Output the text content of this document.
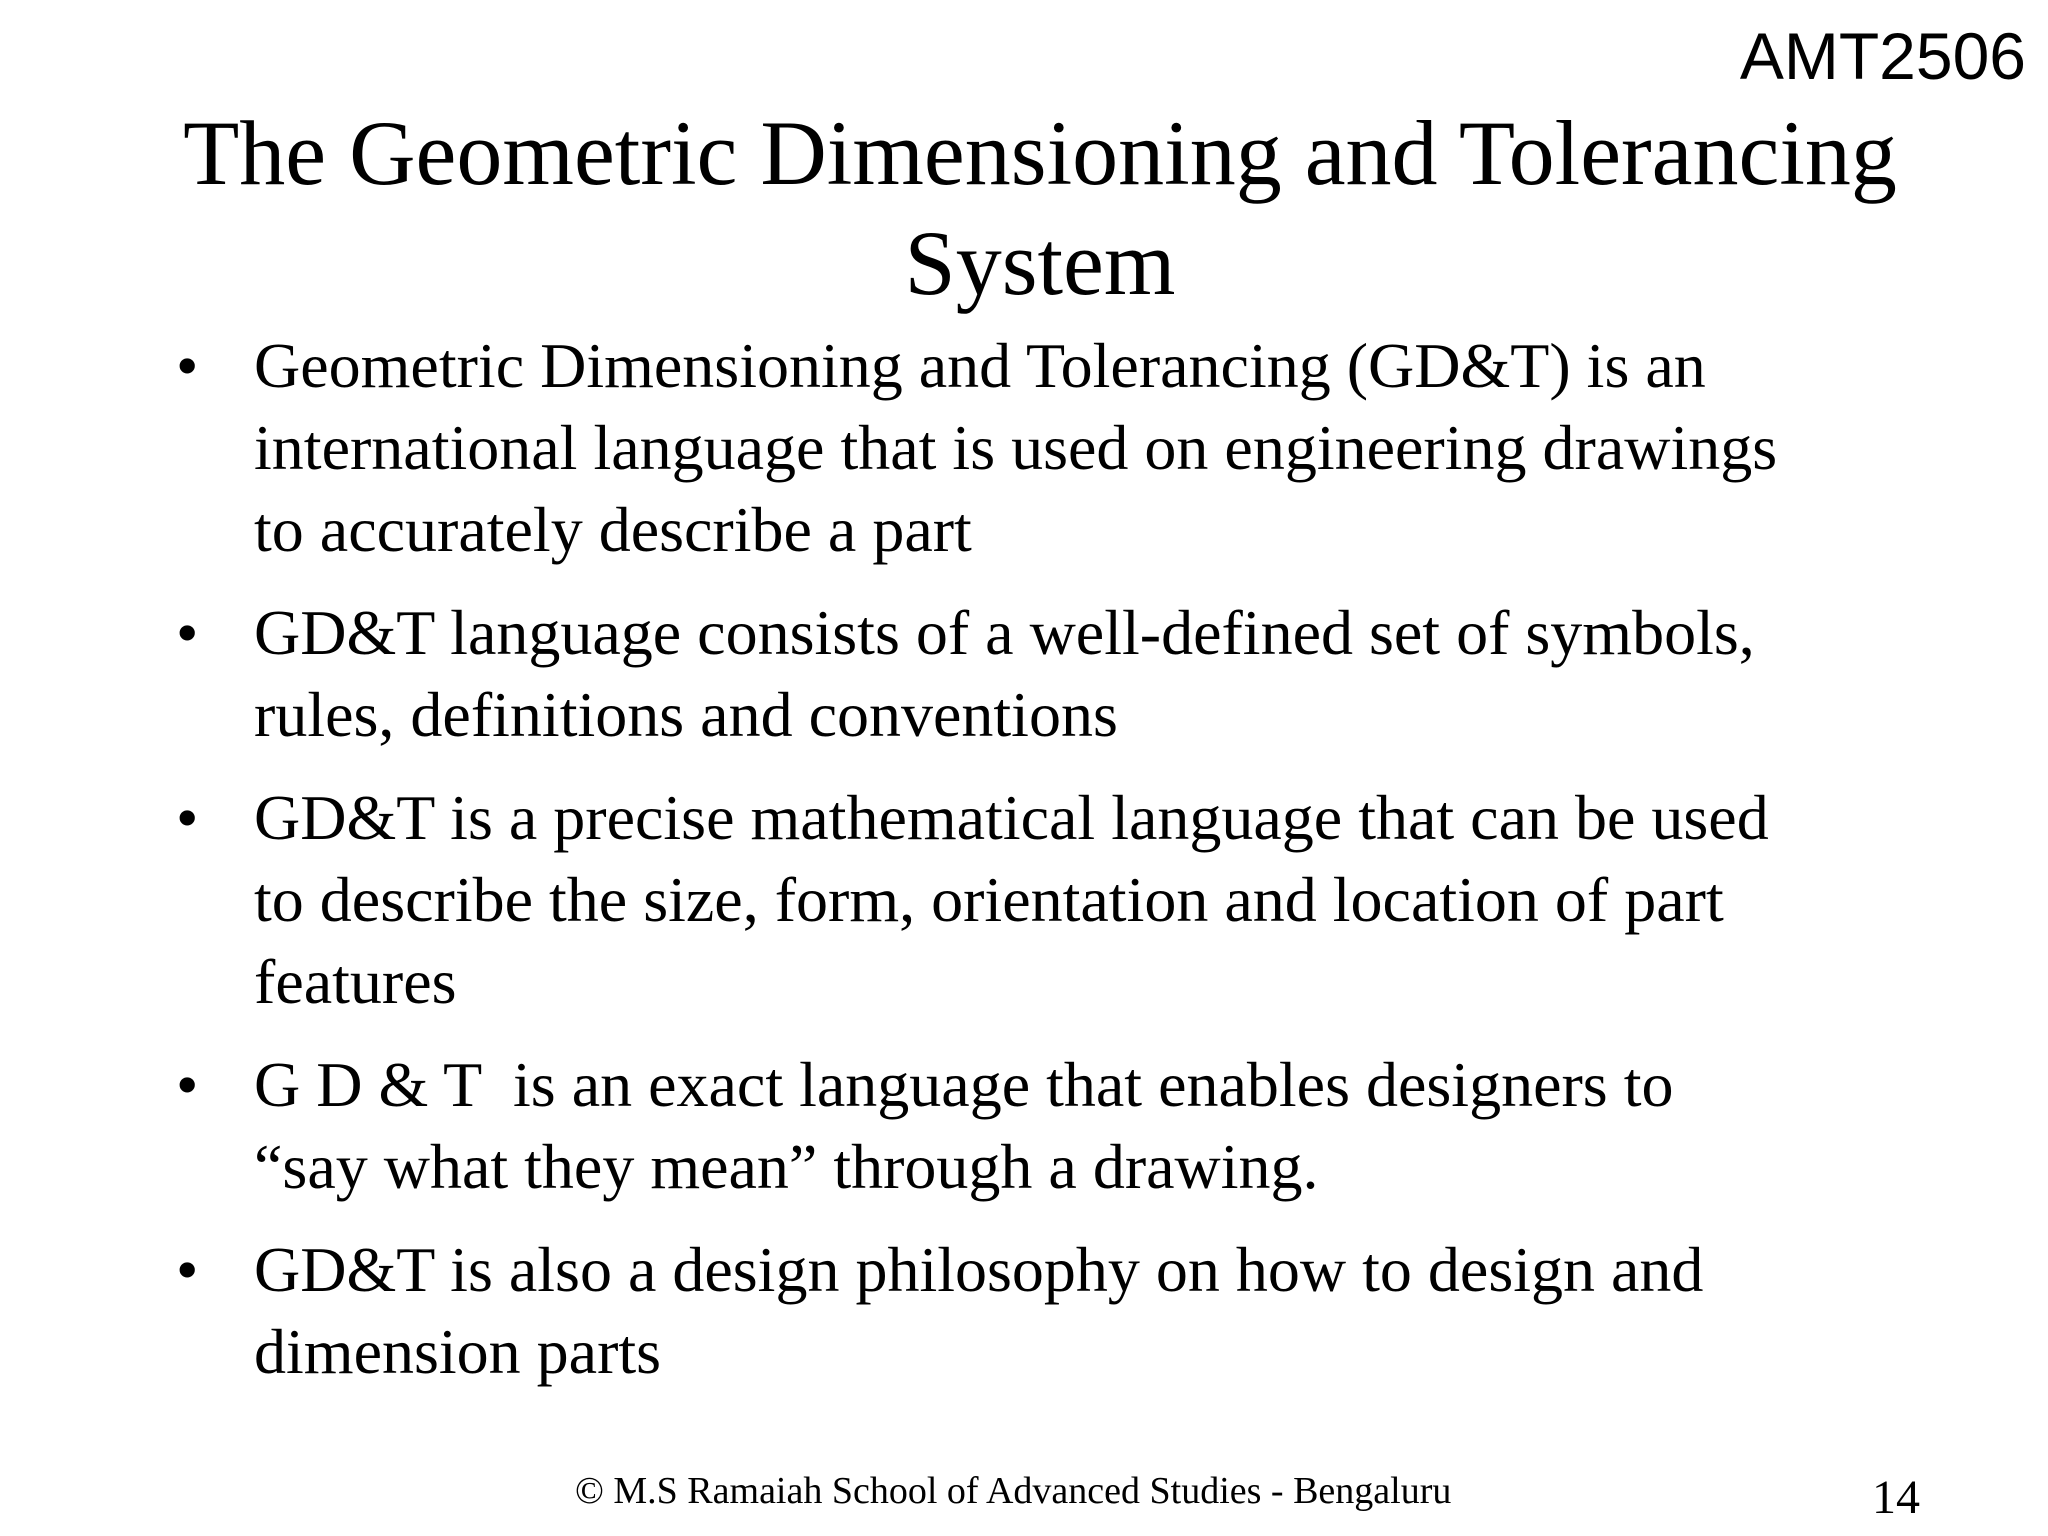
AMT2506
The Geometric Dimensioning and Tolerancing
System
• Geometric Dimensioning and Tolerancing (GD&T) is an
international language that is used on engineering drawings
to accurately describe a part
• GD&T language consists of a well-defined set of symbols,
rules, definitions and conventions
• GD&T is a precise mathematical language that can be used
to describe the size, form, orientation and location of part
features
• G D & T  is an exact language that enables designers to
“say what they mean” through a drawing.
• GD&T is also a design philosophy on how to design and
dimension parts
© M.S Ramaiah School of Advanced Studies - Bengaluru	14
